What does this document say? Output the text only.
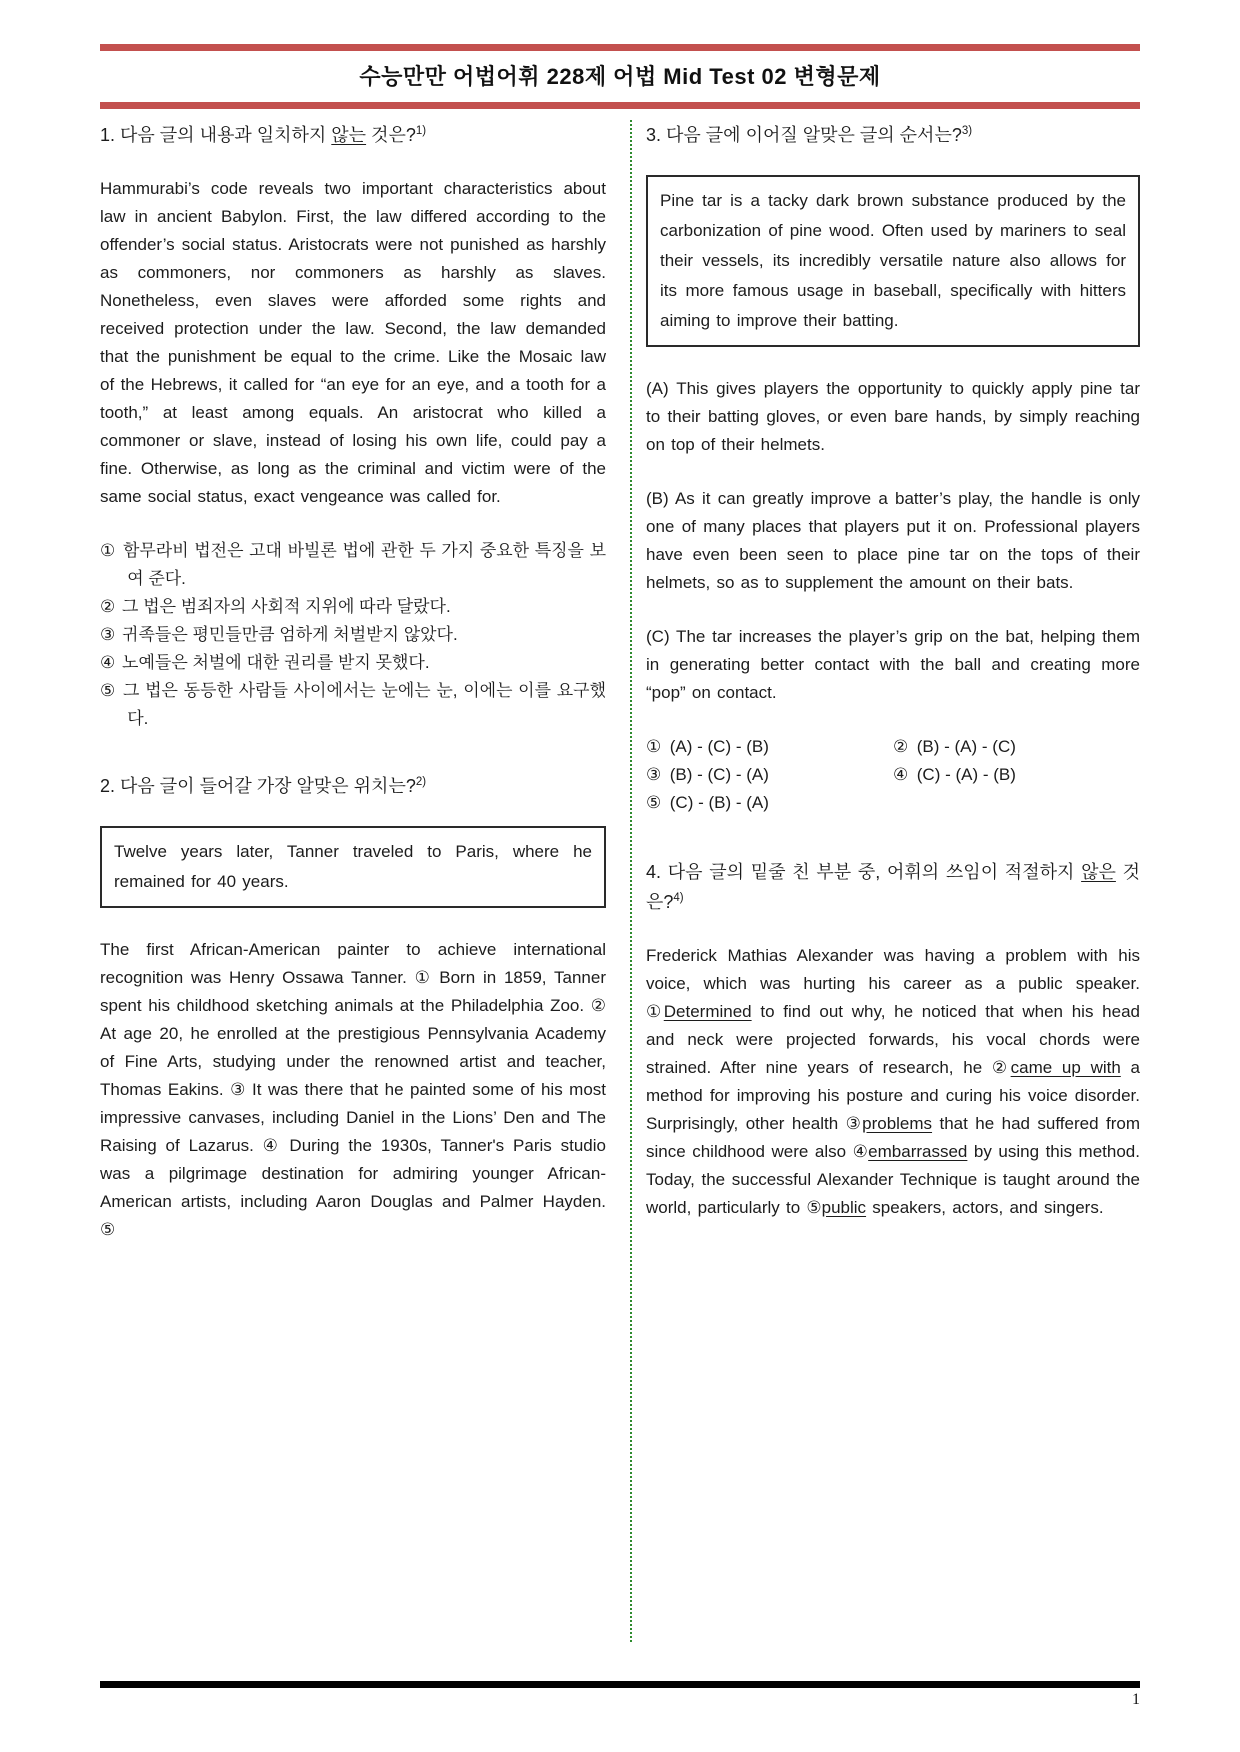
수능만만 어법어휘 228제 어법 Mid Test 02 변형문제
1. 다음 글의 내용과 일치하지 않는 것은?$^{1)}$

Hammurabi’s code reveals two important characteristics about law in ancient Babylon. First, the law differed according to the offender’s social status. Aristocrats were not punished as harshly as commoners, nor commoners as harshly as slaves. Nonetheless, even slaves were afforded some rights and received protection under the law. Second, the law demanded that the punishment be equal to the crime. Like the Mosaic law of the Hebrews, it called for “an eye for an eye, and a tooth for a tooth,” at least among equals. An aristocrat who killed a commoner or slave, instead of losing his own life, could pay a fine. Otherwise, as long as the criminal and victim were of the same social status, exact vengeance was called for.

① 함무라비 법전은 고대 바빌론 법에 관한 두 가지 중요한 특징을 보여 준다.
② 그 법은 범죄자의 사회적 지위에 따라 달랐다.
③ 귀족들은 평민들만큼 엄하게 처벌받지 않았다.
④ 노예들은 처벌에 대한 권리를 받지 못했다.
⑤ 그 법은 동등한 사람들 사이에서는 눈에는 눈, 이에는 이를 요구했다.
2. 다음 글이 들어갈 가장 알맞은 위치는?$^{2)}$
Twelve years later, Tanner traveled to Paris, where he remained for 40 years.

The first African-American painter to achieve international recognition was Henry Ossawa Tanner. ① Born in 1859, Tanner spent his childhood sketching animals at the Philadelphia Zoo. ② At age 20, he enrolled at the prestigious Pennsylvania Academy of Fine Arts, studying under the renowned artist and teacher, Thomas Eakins. ③ It was there that he painted some of his most impressive canvases, including Daniel in the Lions’ Den and The Raising of Lazarus. ④ During the 1930s, Tanner's Paris studio was a pilgrimage destination for admiring younger African-American artists, including Aaron Douglas and Palmer Hayden. ⑤

3. 다음 글에 이어질 알맞은 글의 순서는?$^{3)}$
Pine tar is a tacky dark brown substance produced by the carbonization of pine wood. Often used by mariners to seal their vessels, its incredibly versatile nature also allows for its more famous usage in baseball, specifically with hitters aiming to improve their batting.

(A) This gives players the opportunity to quickly apply pine tar to their batting gloves, or even bare hands, by simply reaching on top of their helmets.

(B) As it can greatly improve a batter’s play, the handle is only one of many places that players put it on. Professional players have even been seen to place pine tar on the tops of their helmets, so as to supplement the amount on their bats.

(C) The tar increases the player’s grip on the bat, helping them in generating better contact with the ball and creating more “pop” on contact.

① (A) - (C) - (B)	② (B) - (A) - (C)
③ (B) - (C) - (A)	④ (C) - (A) - (B)
⑤ (C) - (B) - (A)
4. 다음 글의 밑줄 친 부분 중, 어휘의 쓰임이 적절하지 않은 것은?$^{4)}$

Frederick Mathias Alexander was having a problem with his voice, which was hurting his career as a public speaker. ①Determined to find out why, he noticed that when his head and neck were projected forwards, his vocal chords were strained. After nine years of research, he ②came up with a method for improving his posture and curing his voice disorder. Surprisingly, other health ③problems that he had suffered from since childhood were also ④embarrassed by using this method. Today, the successful Alexander Technique is taught around the world, particularly to ⑤public speakers, actors, and singers.

1
